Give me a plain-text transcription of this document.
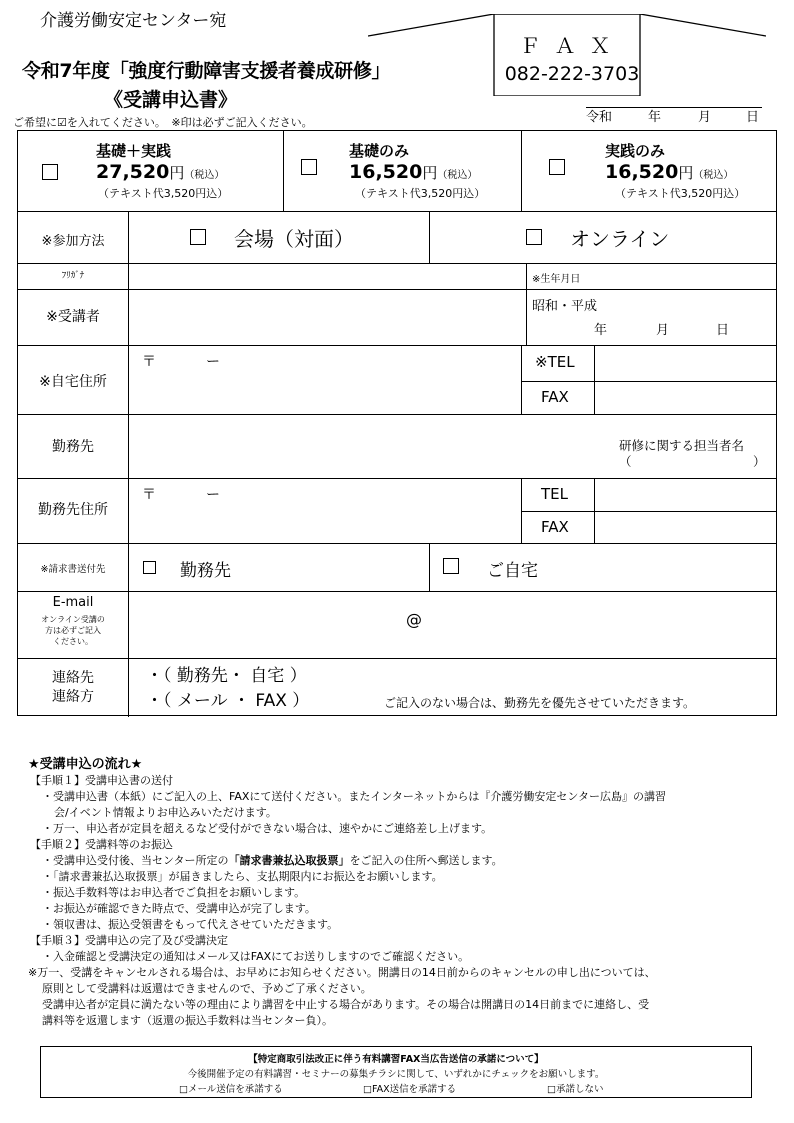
介護労働安定センター宛
令和7年度「強度行動障害支援者養成研修」
《受講申込書》
ＦＡＸ
082-222-3703
ご希望に☑を入れてください。　※印は必ずご記入ください。	令和	年	月	日
基礎＋実践
27,520円（税込）
（テキスト代3,520円込）
基礎のみ
16,520円（税込）
（テキスト代3,520円込）
実践のみ
16,520円（税込）
（テキスト代3,520円込）
※参加方法	会場（対面）	オンライン
ﾌﾘｶﾞﾅ	※生年月日
※受講者
昭和・平成
年	月	日
※自宅住所
〒	ー	※TEL
FAX
勤務先	研修に関する担当者名
（	）
勤務先住所
〒	ー	TEL
FAX
※請求書送付先	勤務先	ご自宅
E-mail
オンライン受講の
方は必ずご記入
ください。
@
連絡先
連絡方
・（ 勤務先・ 自宅 ）
・（ メール ・ FAX ）	ご記入のない場合は、勤務先を優先させていただきます。
★受講申込の流れ★
【手順１】受講申込書の送付
・受講申込書（本紙）にご記入の上、FAXにて送付ください。またインターネットからは『介護労働安定センター広島』の講習
会/イベント情報よりお申込みいただけます。
・万一、申込者が定員を超えるなど受付ができない場合は、速やかにご連絡差し上げます。
【手順２】受講料等のお振込
・受講申込受付後、当センター所定の「請求書兼払込取扱票」をご記入の住所へ郵送します。
・「請求書兼払込取扱票」が届きましたら、支払期限内にお振込をお願いします。
・振込手数料等はお申込者でご負担をお願いします。
・お振込が確認できた時点で、受講申込が完了します。
・領収書は、振込受領書をもって代えさせていただきます。
【手順３】受講申込の完了及び受講決定
・入金確認と受講決定の通知はメール又はFAXにてお送りしますのでご確認ください。
※万一、受講をキャンセルされる場合は、お早めにお知らせください。開講日の14日前からのキャンセルの申し出については、
原則として受講料は返還はできませんので、予めご了承ください。
受講申込者が定員に満たない等の理由により講習を中止する場合があります。その場合は開講日の14日前までに連絡し、受
講料等を返還します（返還の振込手数料は当センター負）。
【特定商取引法改正に伴う有料講習FAX当広告送信の承諾について】
今後開催予定の有料講習・セミナーの募集チラシに関して、いずれかにチェックをお願いします。
□メール送信を承諾する	□FAX送信を承諾する	□承諾しない
